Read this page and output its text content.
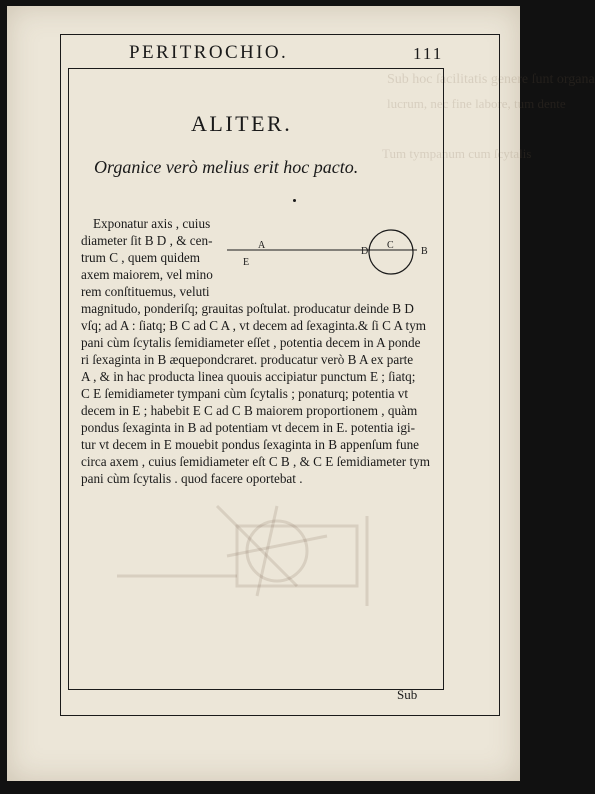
Sub hoc ſacilitatis genere ſunt organa
lucrum, nec fine labore, tum dente
Tum tympanum cum ſcytalis
PERITROCHIO.	111
ALITER.
Organice verò melius erit hoc pacto.
Exponatur axis , cuius
diameter ſit B D , & cen-
trum C , quem quidem
axem maiorem, vel mino
rem conſtituemus, veluti
magnitudo, ponderiſq; grauitas poſtulat. producatur deinde B D
vſq; ad A : ſiatq; B C ad C A , vt decem ad ſexaginta.& ſi C A tym
pani cùm ſcytalis ſemidiameter eſſet , potentia decem in A ponde
ri ſexaginta in B æquepondcraret. producatur verò B A ex parte
A , & in hac producta linea quouis accipiatur punctum E ; ſiatq;
C E ſemidiameter tympani cùm ſcytalis ; ponaturq; potentia vt
decem in E ; habebit E C ad C B maiorem proportionem , quàm
pondus ſexaginta in B ad potentiam vt decem in E. potentia igi-
tur vt decem in E mouebit pondus ſexaginta in B appenſum fune
circa axem , cuius ſemidiameter eſt C B , & C E ſemidiameter tym
pani cùm ſcytalis . quod facere oportebat .
A
E
D
C
B
Sub
